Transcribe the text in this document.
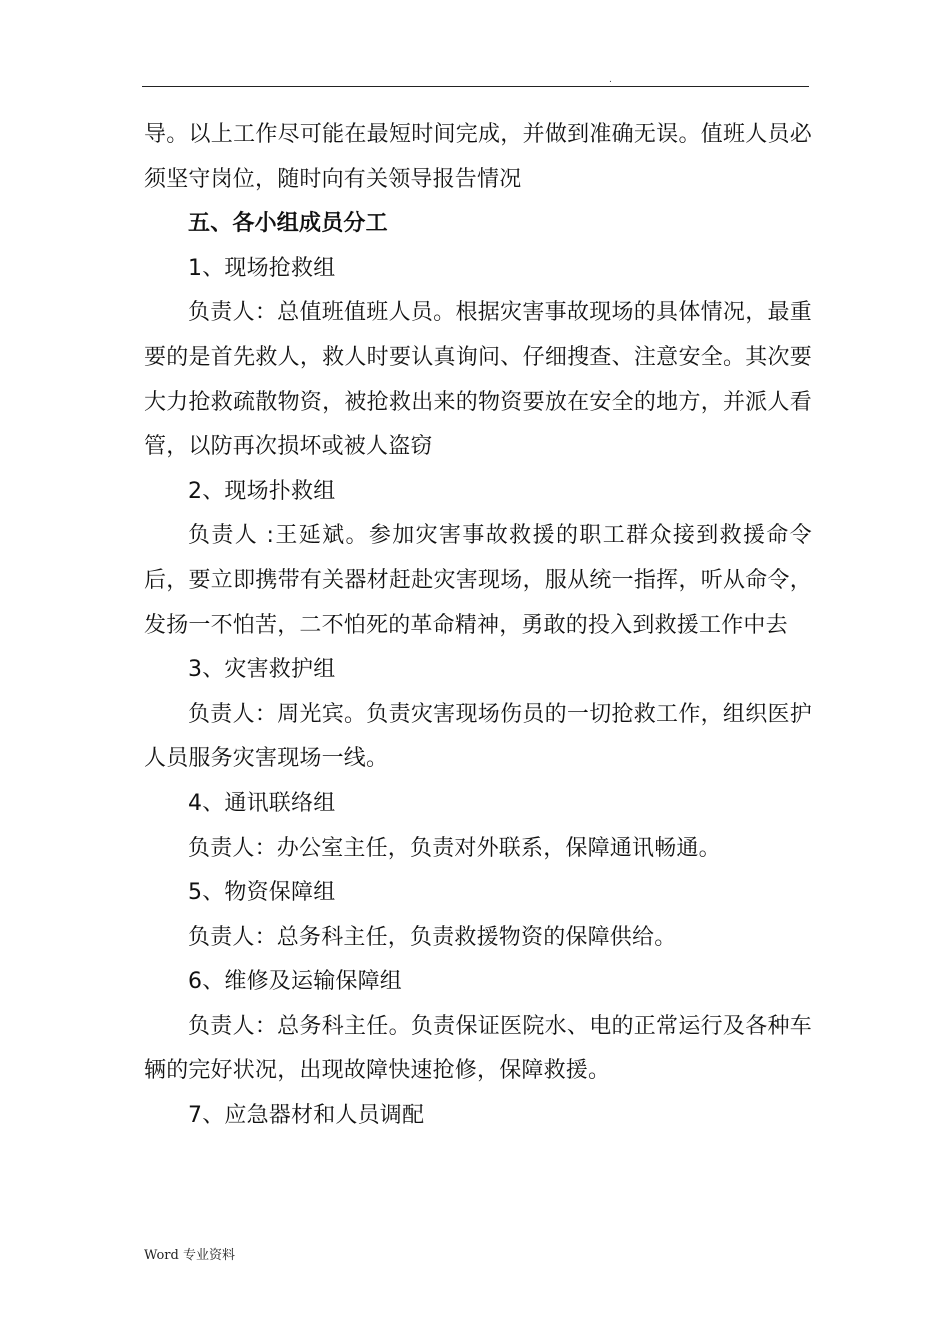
.

导。以上工作尽可能在最短时间完成，并做到准确无误。值班人员必须坚守岗位，随时向有关领导报告情况

五、各小组成员分工

1、现场抢救组

负责人：总值班值班人员。根据灾害事故现场的具体情况，最重要的是首先救人，救人时要认真询问、仔细搜查、注意安全。其次要大力抢救疏散物资，被抢救出来的物资要放在安全的地方，并派人看管，以防再次损坏或被人盗窃

2、现场扑救组

负责人 :王延斌。参加灾害事故救援的职工群众接到救援命令后，要立即携带有关器材赶赴灾害现场，服从统一指挥，听从命令，发扬一不怕苦，二不怕死的革命精神，勇敢的投入到救援工作中去

3、灾害救护组

负责人：周光宾。负责灾害现场伤员的一切抢救工作，组织医护人员服务灾害现场一线。

4、通讯联络组

负责人：办公室主任，负责对外联系，保障通讯畅通。

5、物资保障组

负责人：总务科主任，负责救援物资的保障供给。

6、维修及运输保障组

负责人：总务科主任。负责保证医院水、电的正常运行及各种车辆的完好状况，出现故障快速抢修，保障救援。

7、应急器材和人员调配

Word 专业资料
